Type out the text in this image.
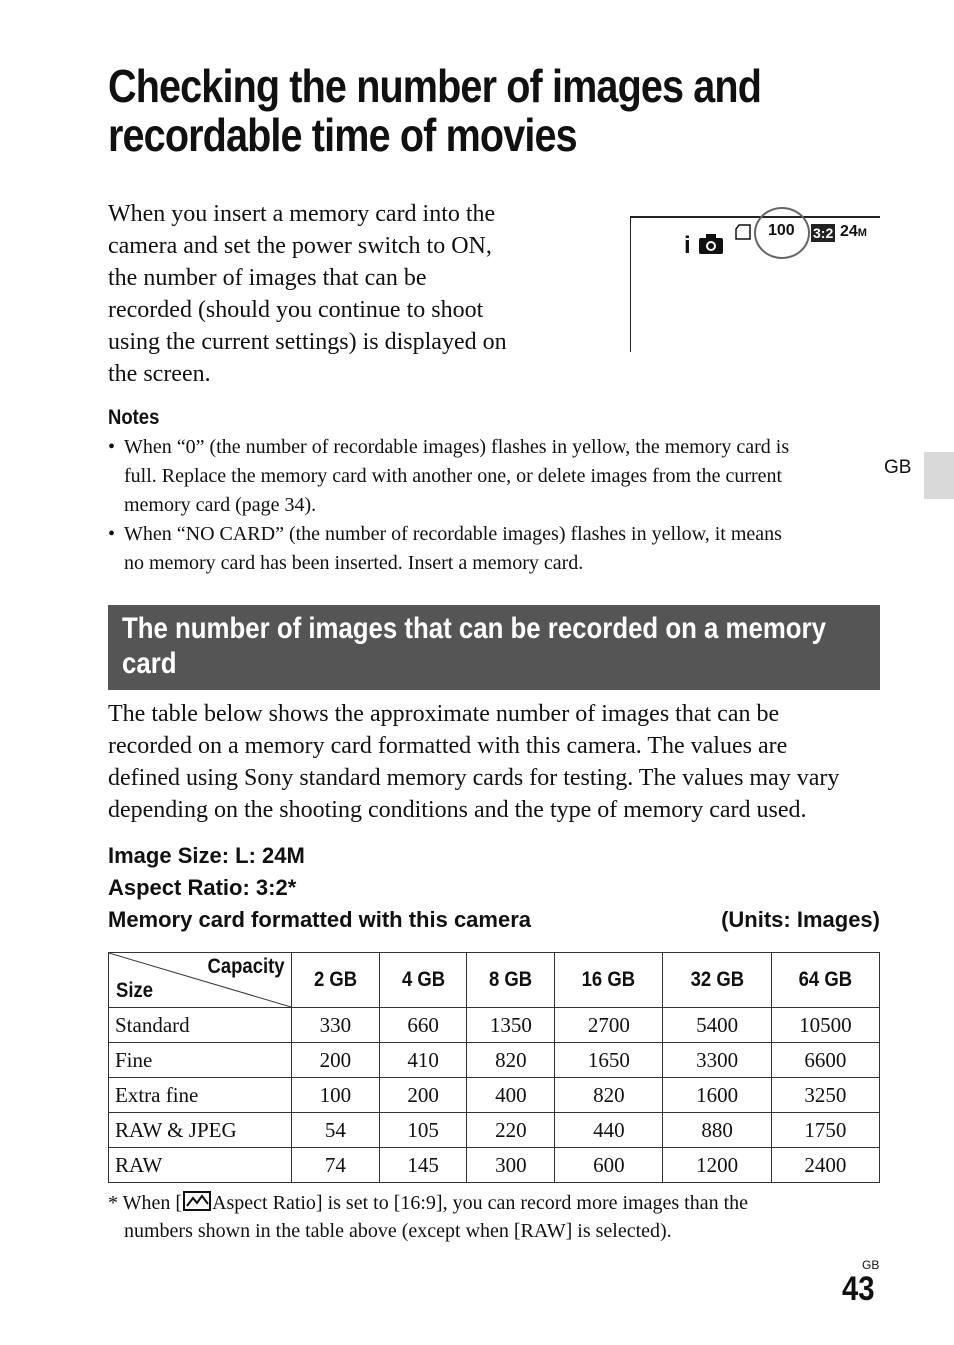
Checking the number of images and
recordable time of movies
When you insert a memory card into the
camera and set the power switch to ON,
the number of images that can be
recorded (should you continue to shoot
using the current settings) is displayed on
the screen.
i
100 3:2 24M
Notes
• When “0” (the number of recordable images) flashes in yellow, the memory card is
full. Replace the memory card with another one, or delete images from the current
memory card (page 34).
• When “NO CARD” (the number of recordable images) flashes in yellow, it means
no memory card has been inserted. Insert a memory card.
GB
The number of images that can be recorded on a memory
card
The table below shows the approximate number of images that can be
recorded on a memory card formatted with this camera. The values are
defined using Sony standard memory cards for testing. The values may vary
depending on the shooting conditions and the type of memory card used.
Image Size: L: 24M
Aspect Ratio: 3:2*
Memory card formatted with this camera	(Units: Images)
Capacity
Size	2 GB	4 GB	8 GB	16 GB	32 GB	64 GB
Standard	330	660	1350	2700	5400	10500
Fine	200	410	820	1650	3300	6600
Extra fine	100	200	400	820	1600	3250
RAW & JPEG	54	105	220	440	880	1750
RAW	74	145	300	600	1200	2400
* When [ Aspect Ratio] is set to [16:9], you can record more images than the
numbers shown in the table above (except when [RAW] is selected).
GB
43
